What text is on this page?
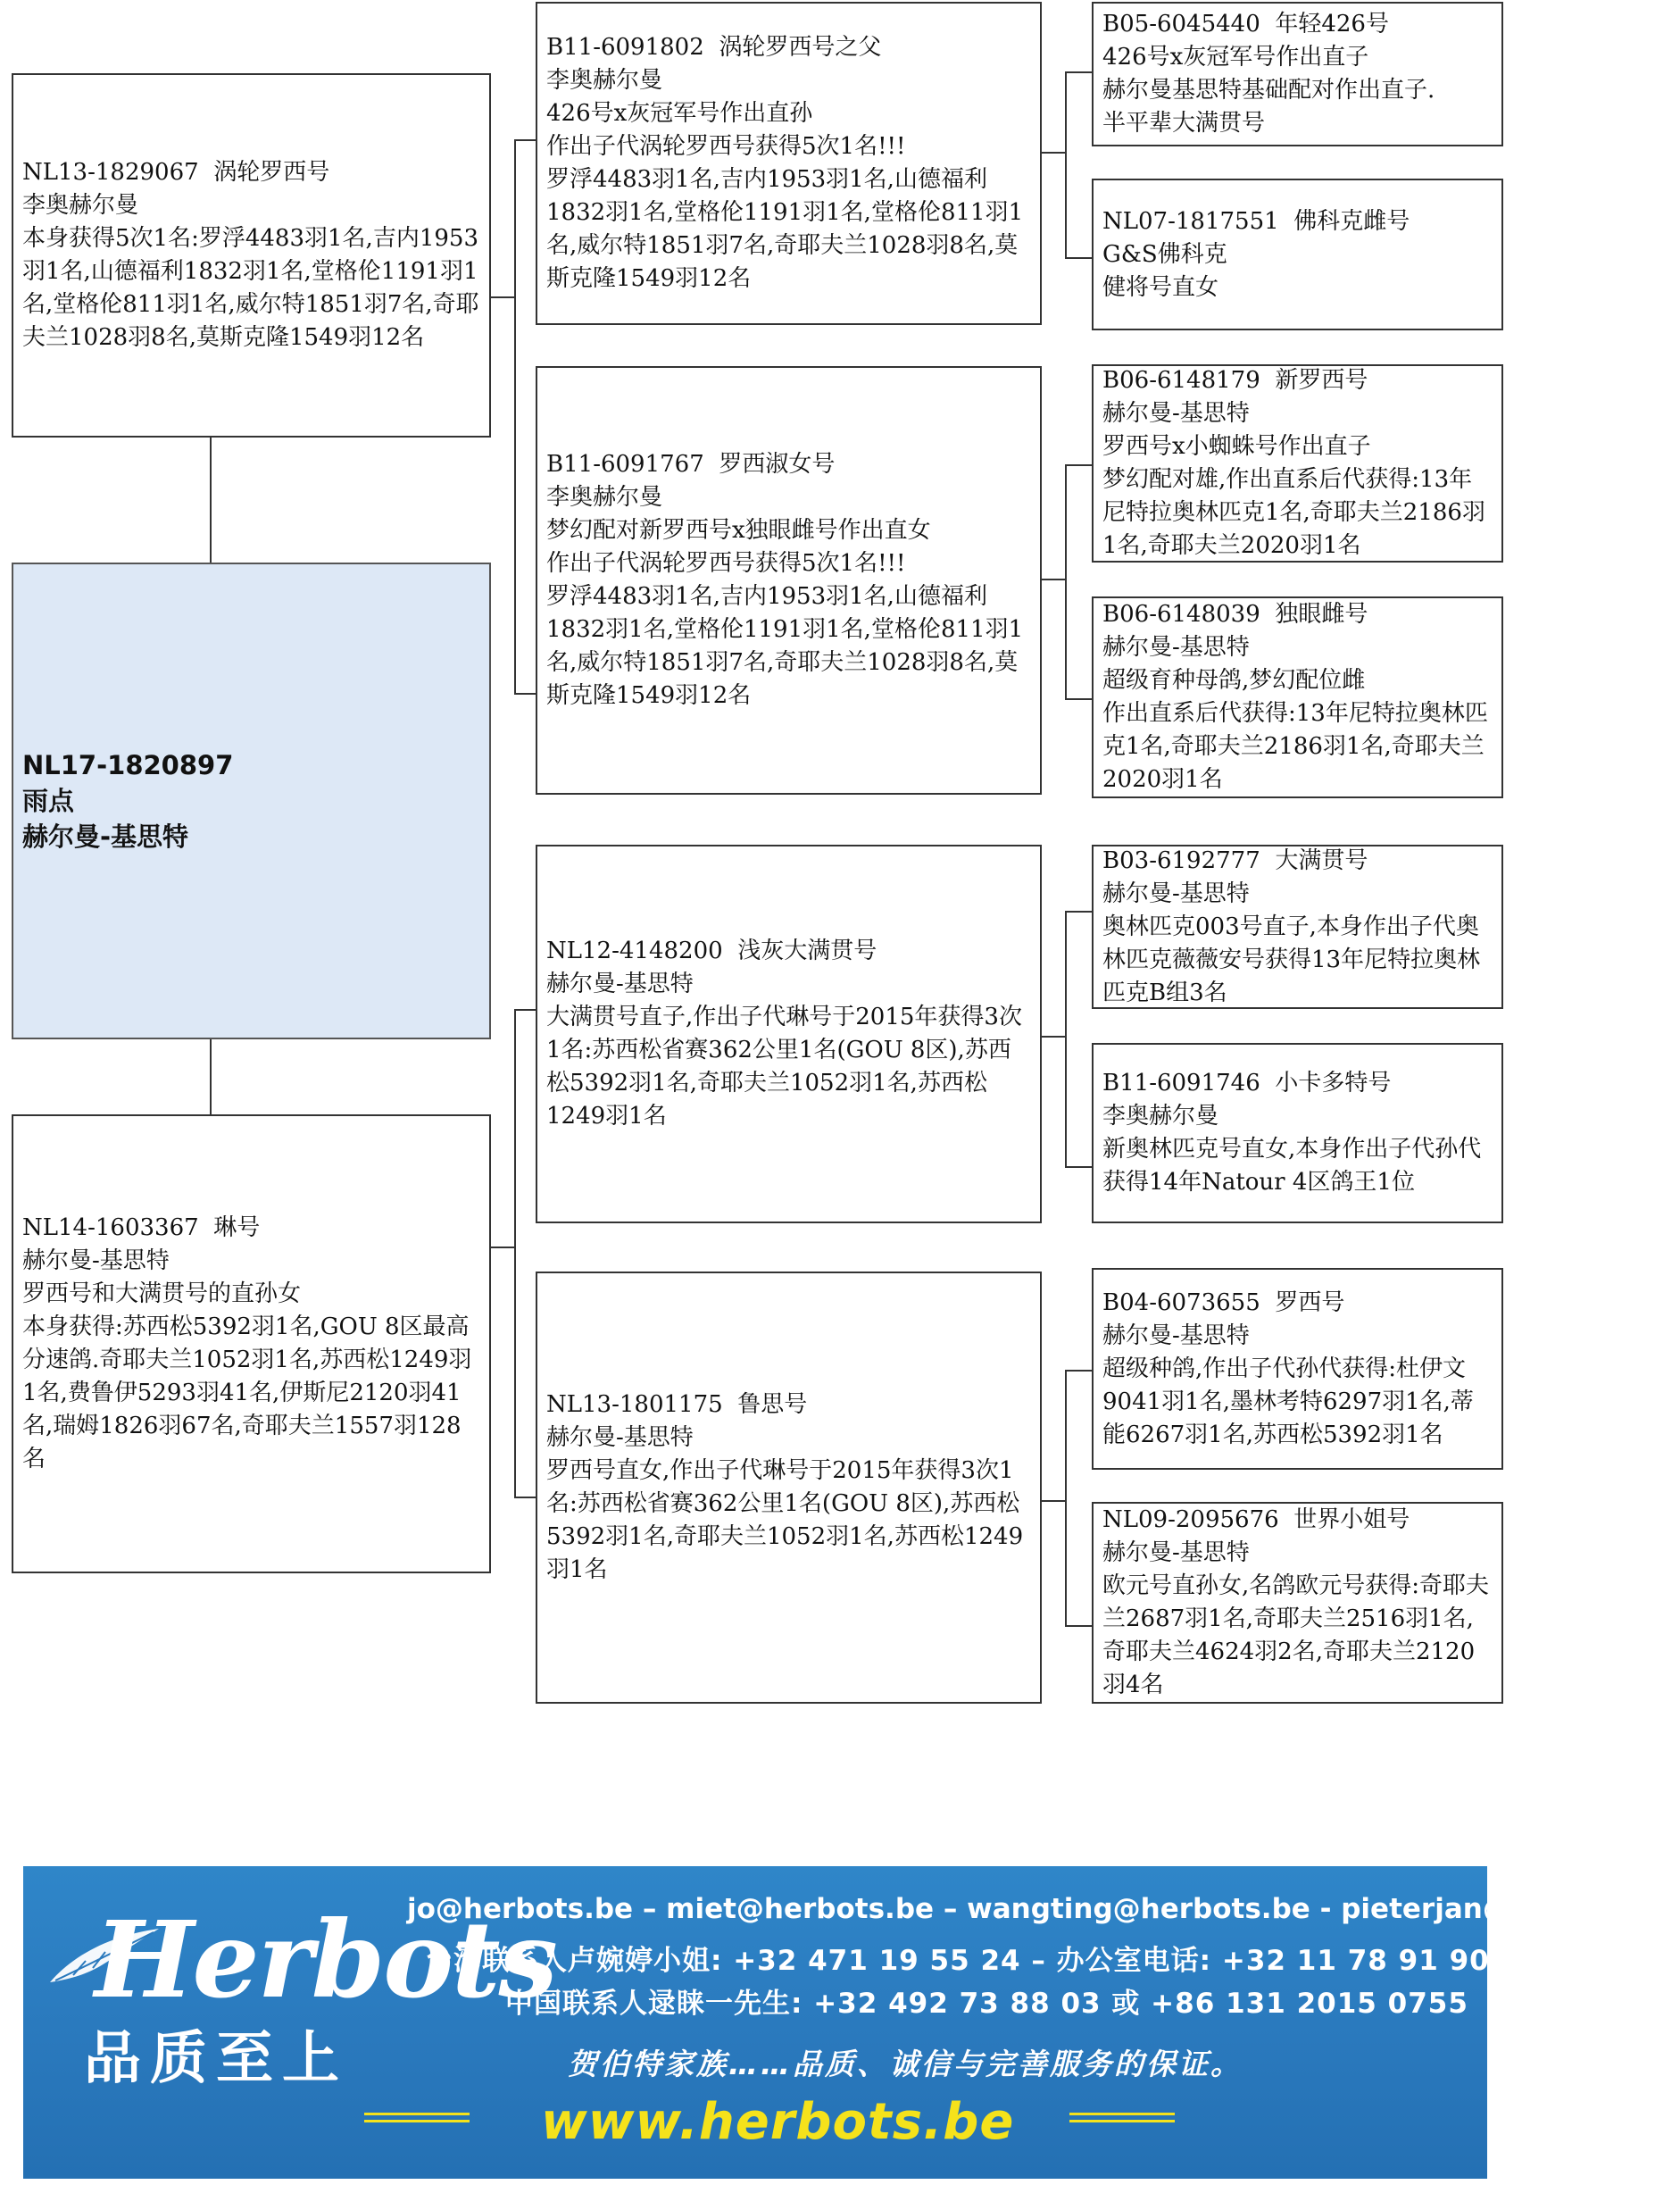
NL17-1820897
雨点
赫尔曼-基思特
NL13-1829067 涡轮罗西号
李奥赫尔曼
本身获得5次1名:罗浮4483羽1名,吉内1953羽1名,山德福利1832羽1名,堂格伦1191羽1名,堂格伦811羽1名,威尔特1851羽7名,奇耶夫兰1028羽8名,莫斯克隆1549羽12名
NL14-1603367 琳号
赫尔曼-基思特
罗西号和大满贯号的直孙女
本身获得:苏西松5392羽1名,GOU 8区最高分速鸽.奇耶夫兰1052羽1名,苏西松1249羽1名,费鲁伊5293羽41名,伊斯尼2120羽41名,瑞姆1826羽67名,奇耶夫兰1557羽128名
B11-6091802 涡轮罗西号之父
李奥赫尔曼
426号x灰冠军号作出直孙
作出子代涡轮罗西号获得5次1名!!!
罗浮4483羽1名,吉内1953羽1名,山德福利1832羽1名,堂格伦1191羽1名,堂格伦811羽1名,威尔特1851羽7名,奇耶夫兰1028羽8名,莫斯克隆1549羽12名
B11-6091767 罗西淑女号
李奥赫尔曼
梦幻配对新罗西号x独眼雌号作出直女
作出子代涡轮罗西号获得5次1名!!!
罗浮4483羽1名,吉内1953羽1名,山德福利1832羽1名,堂格伦1191羽1名,堂格伦811羽1名,威尔特1851羽7名,奇耶夫兰1028羽8名,莫斯克隆1549羽12名
NL12-4148200 浅灰大满贯号
赫尔曼-基思特
大满贯号直子,作出子代琳号于2015年获得3次1名:苏西松省赛362公里1名(GOU 8区),苏西松5392羽1名,奇耶夫兰1052羽1名,苏西松1249羽1名
NL13-1801175 鲁思号
赫尔曼-基思特
罗西号直女,作出子代琳号于2015年获得3次1名:苏西松省赛362公里1名(GOU 8区),苏西松5392羽1名,奇耶夫兰1052羽1名,苏西松1249羽1名
B05-6045440 年轻426号
426号x灰冠军号作出直子
赫尔曼基思特基础配对作出直子.
半平辈大满贯号
NL07-1817551 佛科克雌号
G&S佛科克
健将号直女
B06-6148179 新罗西号
赫尔曼-基思特
罗西号x小蜘蛛号作出直子
梦幻配对雄,作出直系后代获得:13年尼特拉奥林匹克1名,奇耶夫兰2186羽1名,奇耶夫兰2020羽1名
B06-6148039 独眼雌号
赫尔曼-基思特
超级育种母鸽,梦幻配位雌
作出直系后代获得:13年尼特拉奥林匹克1名,奇耶夫兰2186羽1名,奇耶夫兰2020羽1名
B03-6192777 大满贯号
赫尔曼-基思特
奥林匹克003号直子,本身作出子代奥林匹克薇薇安号获得13年尼特拉奥林匹克B组3名
B11-6091746 小卡多特号
李奥赫尔曼
新奥林匹克号直女,本身作出子代孙代获得14年Natour 4区鸽王1位
B04-6073655 罗西号
赫尔曼-基思特
超级种鸽,作出子代孙代获得:杜伊文9041羽1名,墨林考特6297羽1名,蒂能6267羽1名,苏西松5392羽1名
NL09-2095676 世界小姐号
赫尔曼-基思特
欧元号直孙女,名鸽欧元号获得:奇耶夫兰2687羽1名,奇耶夫兰2516羽1名,奇耶夫兰4624羽2名,奇耶夫兰2120羽4名
Herbots
品质至上
jo@herbots.be – miet@herbots.be – wangting@herbots.be - pieterjan@herbots.be
台湾联系人卢婉婷小姐: +32 471 19 55 24 – 办公室电话: +32 11 78 91 90
中国联系人逯睐一先生: +32 492 73 88 03 或 +86 131 2015 0755
贺伯特家族……品质、诚信与完善服务的保证。
www.herbots.be
